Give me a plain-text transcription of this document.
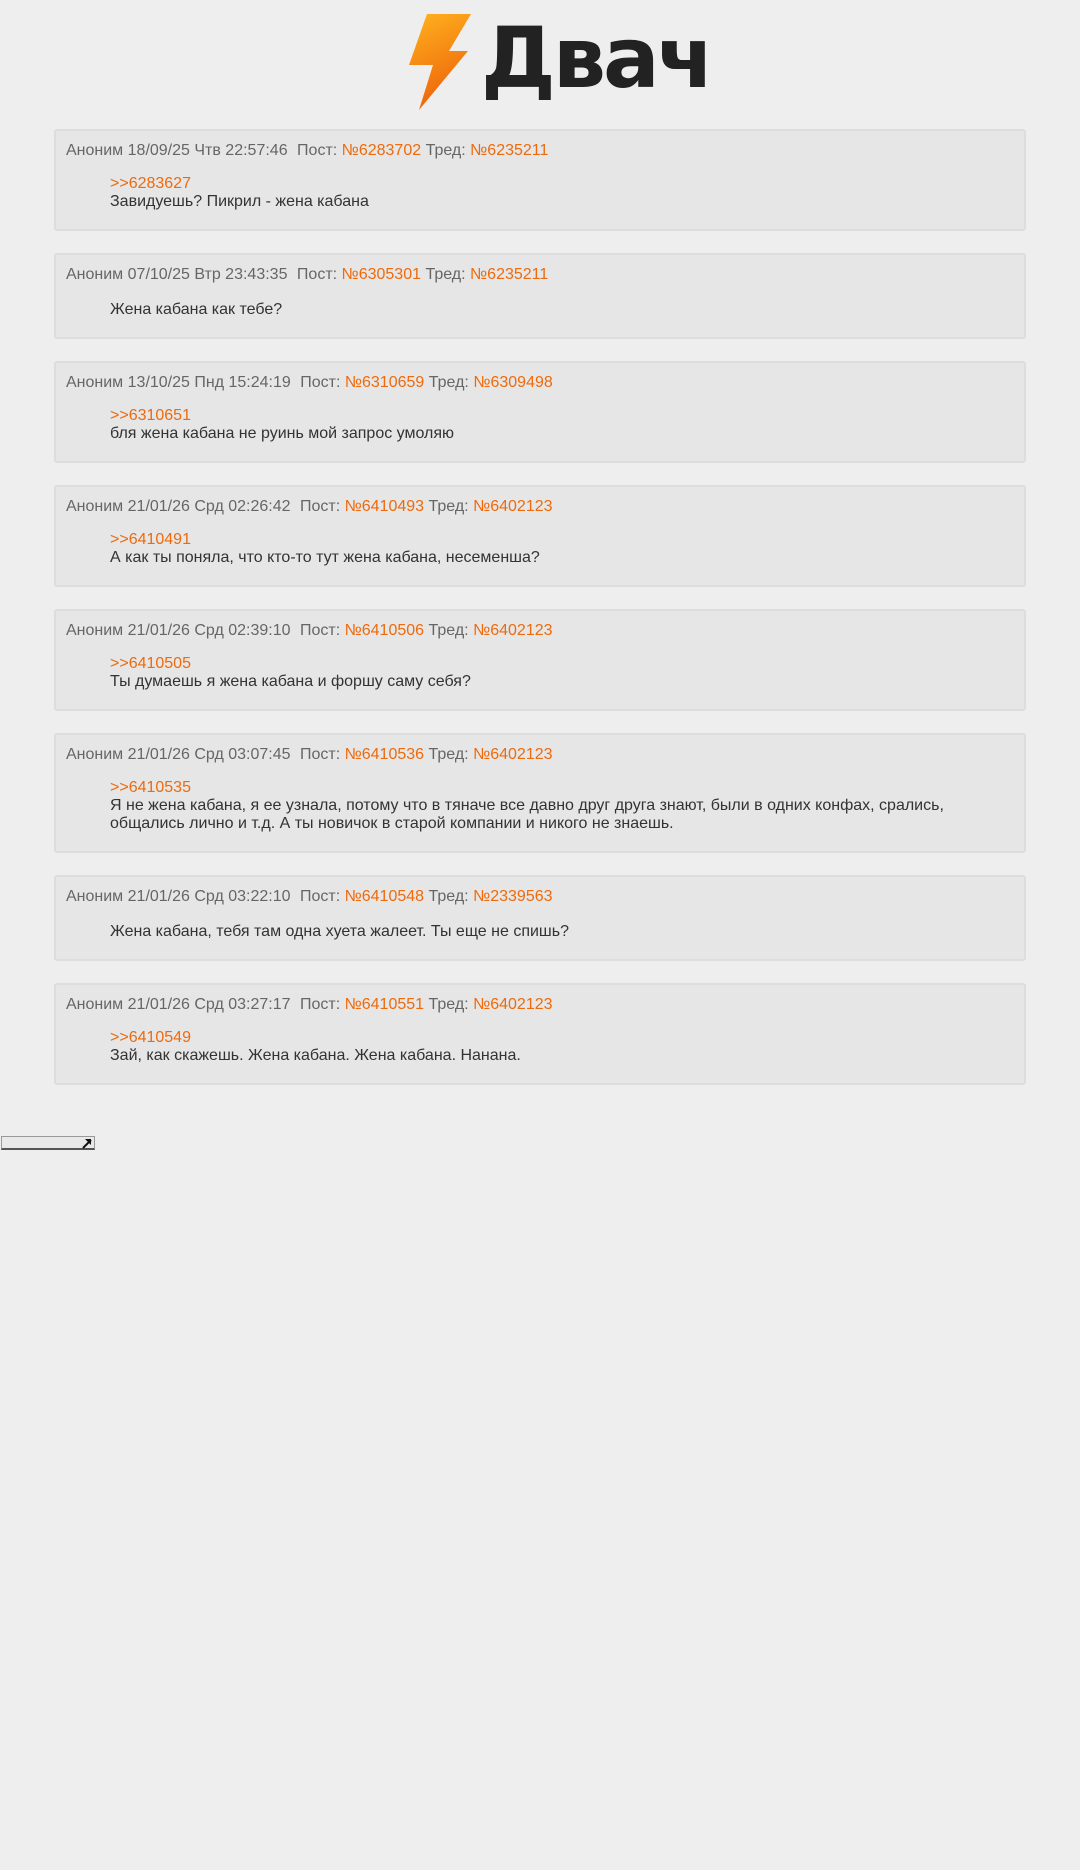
Двач
Аноним 18/09/25 Чтв 22:57:46 Пост: №6283702 Тред: №6235211
>>6283627
Завидуешь? Пикрил - жена кабана
Аноним 07/10/25 Втр 23:43:35 Пост: №6305301 Тред: №6235211
Жена кабана как тебе?
Аноним 13/10/25 Пнд 15:24:19 Пост: №6310659 Тред: №6309498
>>6310651
бля жена кабана не руинь мой запрос умоляю
Аноним 21/01/26 Срд 02:26:42 Пост: №6410493 Тред: №6402123
>>6410491
А как ты поняла, что кто-то тут жена кабана, несеменша?
Аноним 21/01/26 Срд 02:39:10 Пост: №6410506 Тред: №6402123
>>6410505
Ты думаешь я жена кабана и форшу саму себя?
Аноним 21/01/26 Срд 03:07:45 Пост: №6410536 Тред: №6402123
>>6410535
Я не жена кабана, я ее узнала, потому что в тяначе все давно друг друга знают, были в одних конфах, срались, общались лично и т.д. А ты новичок в старой компании и никого не знаешь.
Аноним 21/01/26 Срд 03:22:10 Пост: №6410548 Тред: №2339563
Жена кабана, тебя там одна хуета жалеет. Ты еще не спишь?
Аноним 21/01/26 Срд 03:27:17 Пост: №6410551 Тред: №6402123
>>6410549
Зай, как скажешь. Жена кабана. Жена кабана. Нанана.
